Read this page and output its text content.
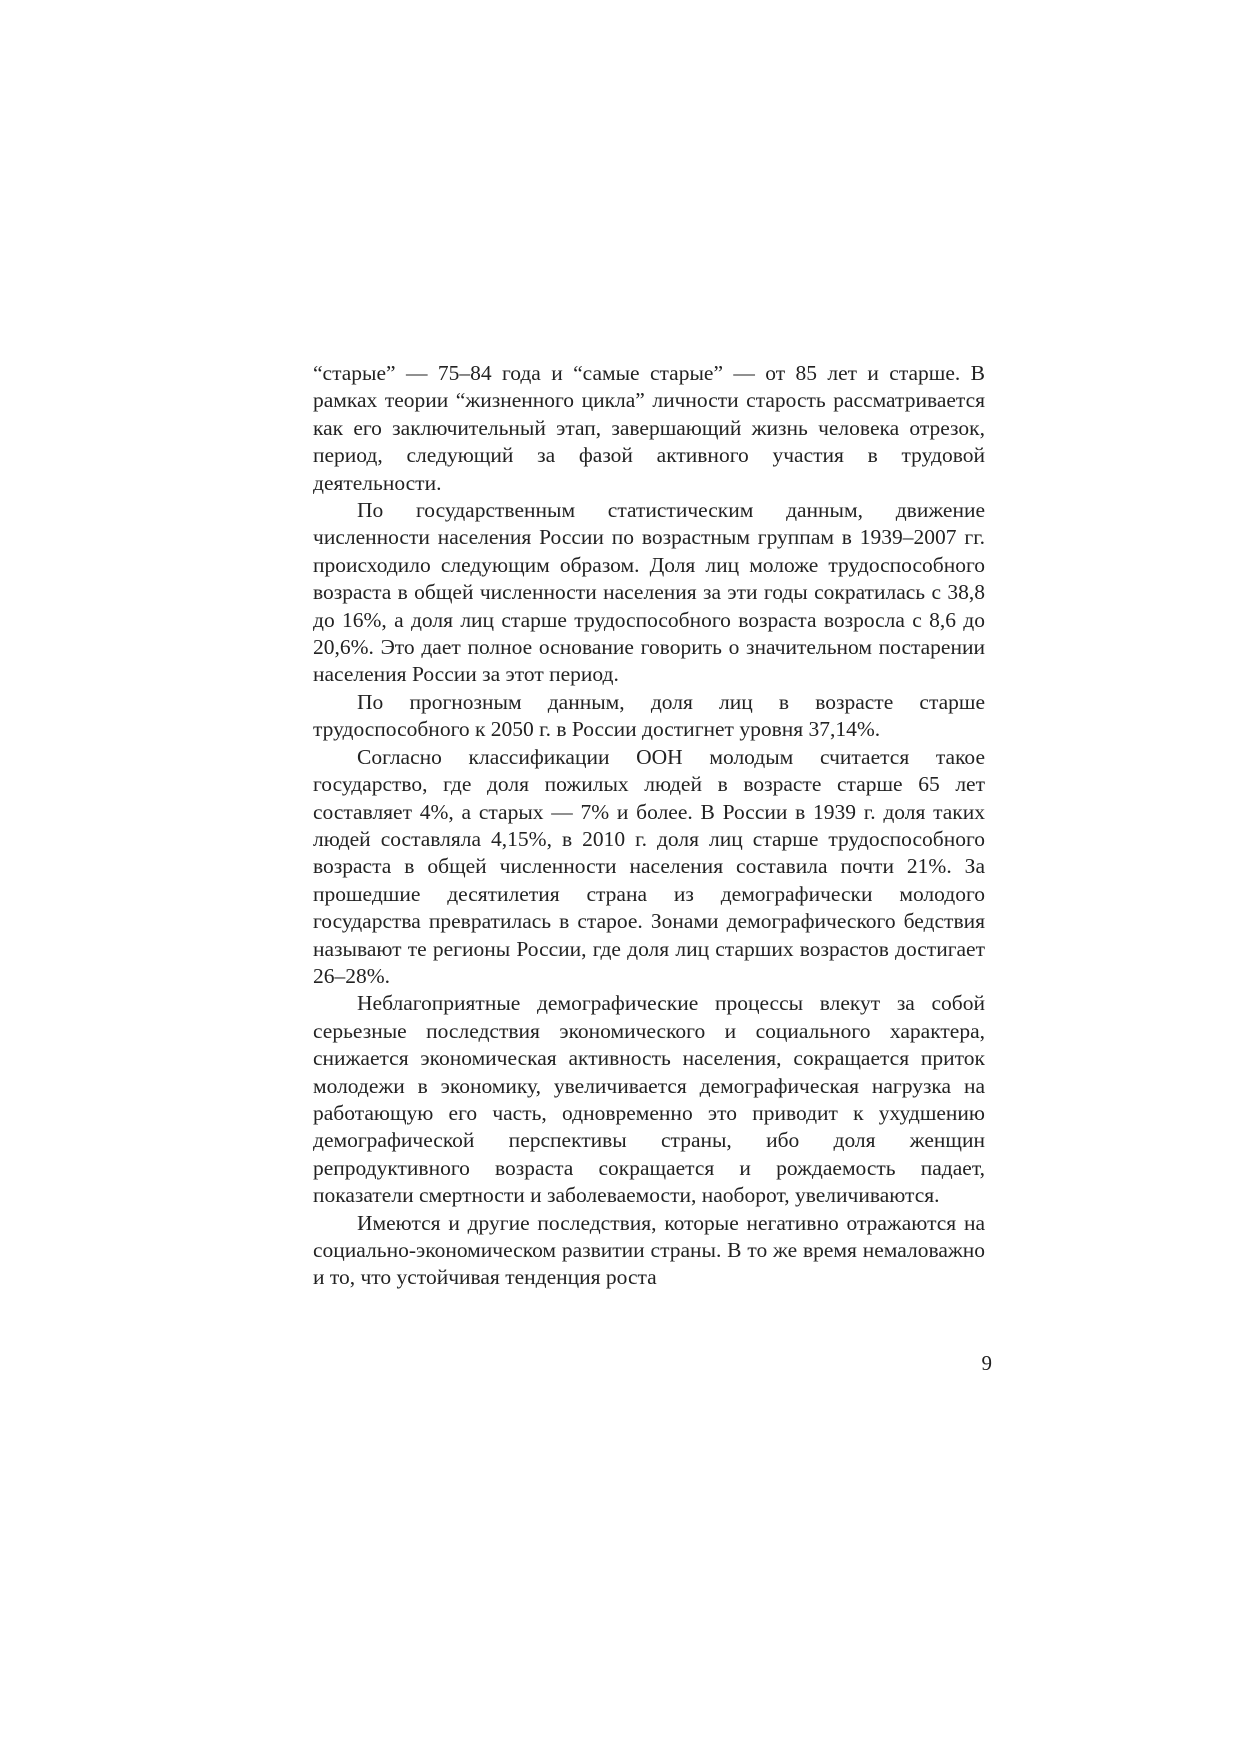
“старые” — 75–84 года и “самые старые” — от 85 лет и старше. В рамках теории “жизненного цикла” личности старость рассматривается как его заключительный этап, завершающий жизнь человека отрезок, период, следующий за фазой активного участия в трудовой деятельности.

По государственным статистическим данным, движение численности населения России по возрастным группам в 1939–2007 гг. происходило следующим образом. Доля лиц моложе трудоспособного возраста в общей численности населения за эти годы сократилась с 38,8 до 16%, а доля лиц старше трудоспособного возраста возросла с 8,6 до 20,6%. Это дает полное основание говорить о значительном постарении населения России за этот период.

По прогнозным данным, доля лиц в возрасте старше трудоспособного к 2050 г. в России достигнет уровня 37,14%.

Согласно классификации ООН молодым считается такое государство, где доля пожилых людей в возрасте старше 65 лет составляет 4%, а старых — 7% и более. В России в 1939 г. доля таких людей составляла 4,15%, в 2010 г. доля лиц старше трудоспособного возраста в общей численности населения составила почти 21%. За прошедшие десятилетия страна из демографически молодого государства превратилась в старое. Зонами демографического бедствия называют те регионы России, где доля лиц старших возрастов достигает 26–28%.

Неблагоприятные демографические процессы влекут за собой серьезные последствия экономического и социального характера, снижается экономическая активность населения, сокращается приток молодежи в экономику, увеличивается демографическая нагрузка на работающую его часть, одновременно это приводит к ухудшению демографической перспективы страны, ибо доля женщин репродуктивного возраста сокращается и рождаемость падает, показатели смертности и заболеваемости, наоборот, увеличиваются.

Имеются и другие последствия, которые негативно отражаются на социально-экономическом развитии страны. В то же время немаловажно и то, что устойчивая тенденция роста

9
